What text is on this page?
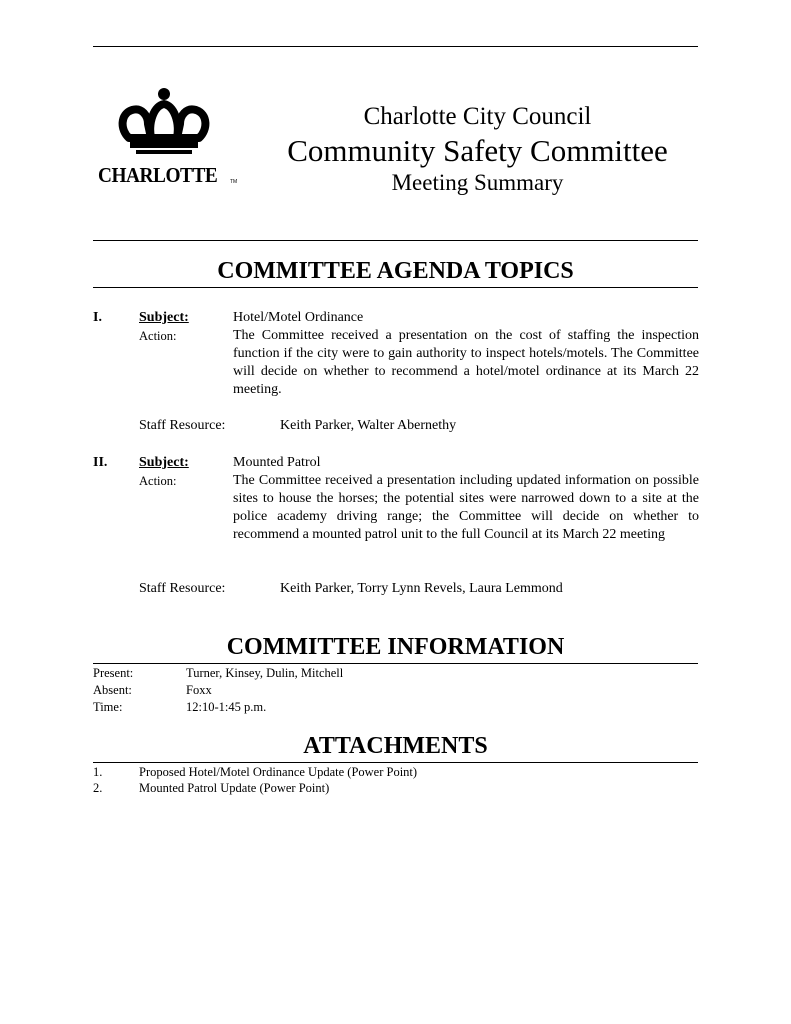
CHARLOTTE	TM
Charlotte City Council
Community Safety Committee
Meeting Summary
COMMITTEE AGENDA TOPICS
I.	Subject:	Hotel/Motel Ordinance
Action:	The Committee received a presentation on the cost of staffing the inspection function if the city were to gain authority to inspect hotels/motels. The Committee will decide on whether to recommend a hotel/motel ordinance at its March 22 meeting.
Staff Resource:	Keith Parker, Walter Abernethy
II. Subject:	Mounted Patrol
Action:	The Committee received a presentation including updated information on possible sites to house the horses; the potential sites were narrowed down to a site at the police academy driving range; the Committee will decide on whether to recommend a mounted patrol unit to the full Council at its March 22 meeting
Staff Resource:	Keith Parker, Torry Lynn Revels, Laura Lemmond
COMMITTEE INFORMATION
Present:	Turner, Kinsey, Dulin, Mitchell
Absent:	Foxx
Time:	12:10-1:45 p.m.
ATTACHMENTS
1.	Proposed Hotel/Motel Ordinance Update (Power Point)
2.	Mounted Patrol Update (Power Point)
